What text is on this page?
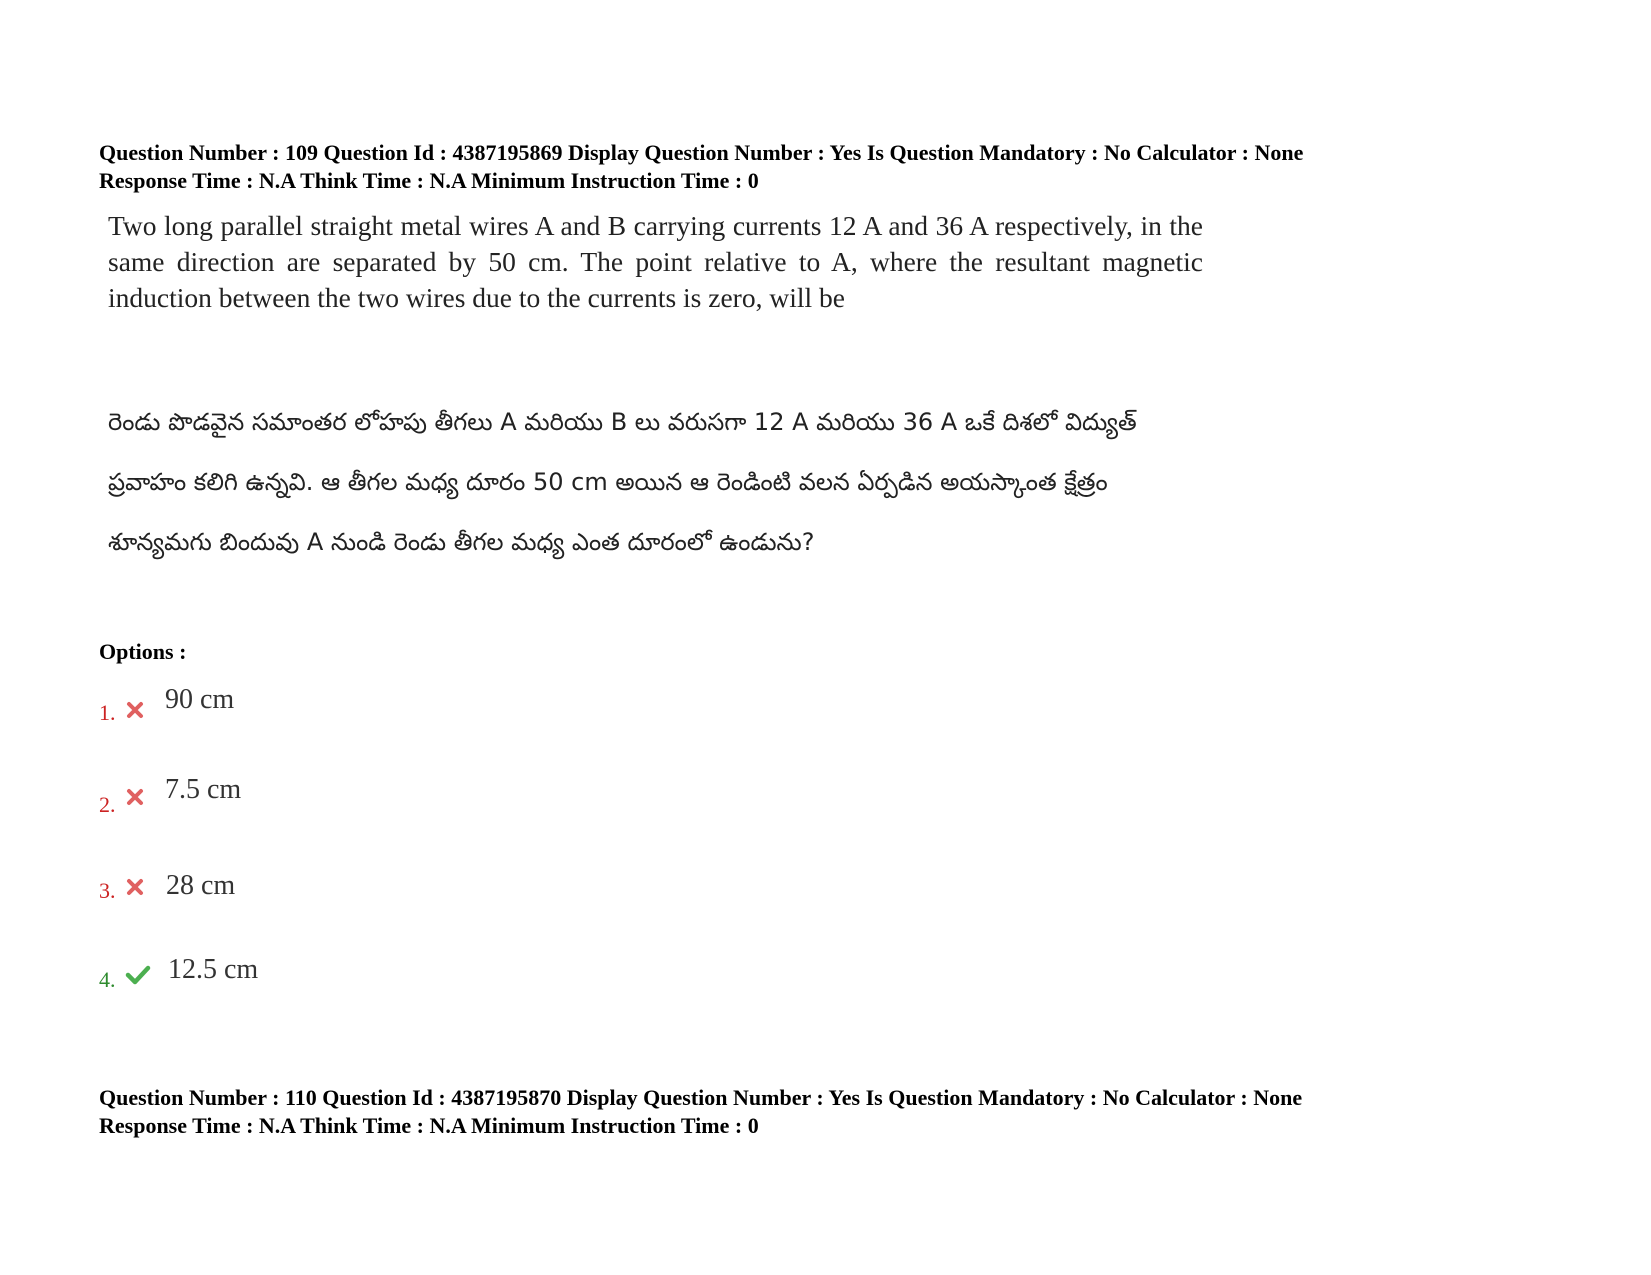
Question Number : 109 Question Id : 4387195869 Display Question Number : Yes Is Question Mandatory : No Calculator : None
Response Time : N.A Think Time : N.A Minimum Instruction Time : 0
Two long parallel straight metal wires A and B carrying currents 12 A and 36 A respectively, in the same direction are separated by 50 cm. The point relative to A, where the resultant magnetic induction between the two wires due to the currents is zero, will be
రెండు పొడవైన సమాంతర లోహపు తీగలు A మరియు B లు వరుసగా 12 A మరియు 36 A ఒకే దిశలో విద్యుత్ ప్రవాహం కలిగి ఉన్నవి. ఆ తీగల మధ్య దూరం 50 cm అయిన ఆ రెండింటి వలన ఏర్పడిన అయస్కాంత క్షేత్రం శూన్యమగు బిందువు A నుండి రెండు తీగల మధ్య ఎంత దూరంలో ఉండును?
Options :
1. 90 cm
2. 7.5 cm
3. 28 cm
4. 12.5 cm
Question Number : 110 Question Id : 4387195870 Display Question Number : Yes Is Question Mandatory : No Calculator : None
Response Time : N.A Think Time : N.A Minimum Instruction Time : 0
